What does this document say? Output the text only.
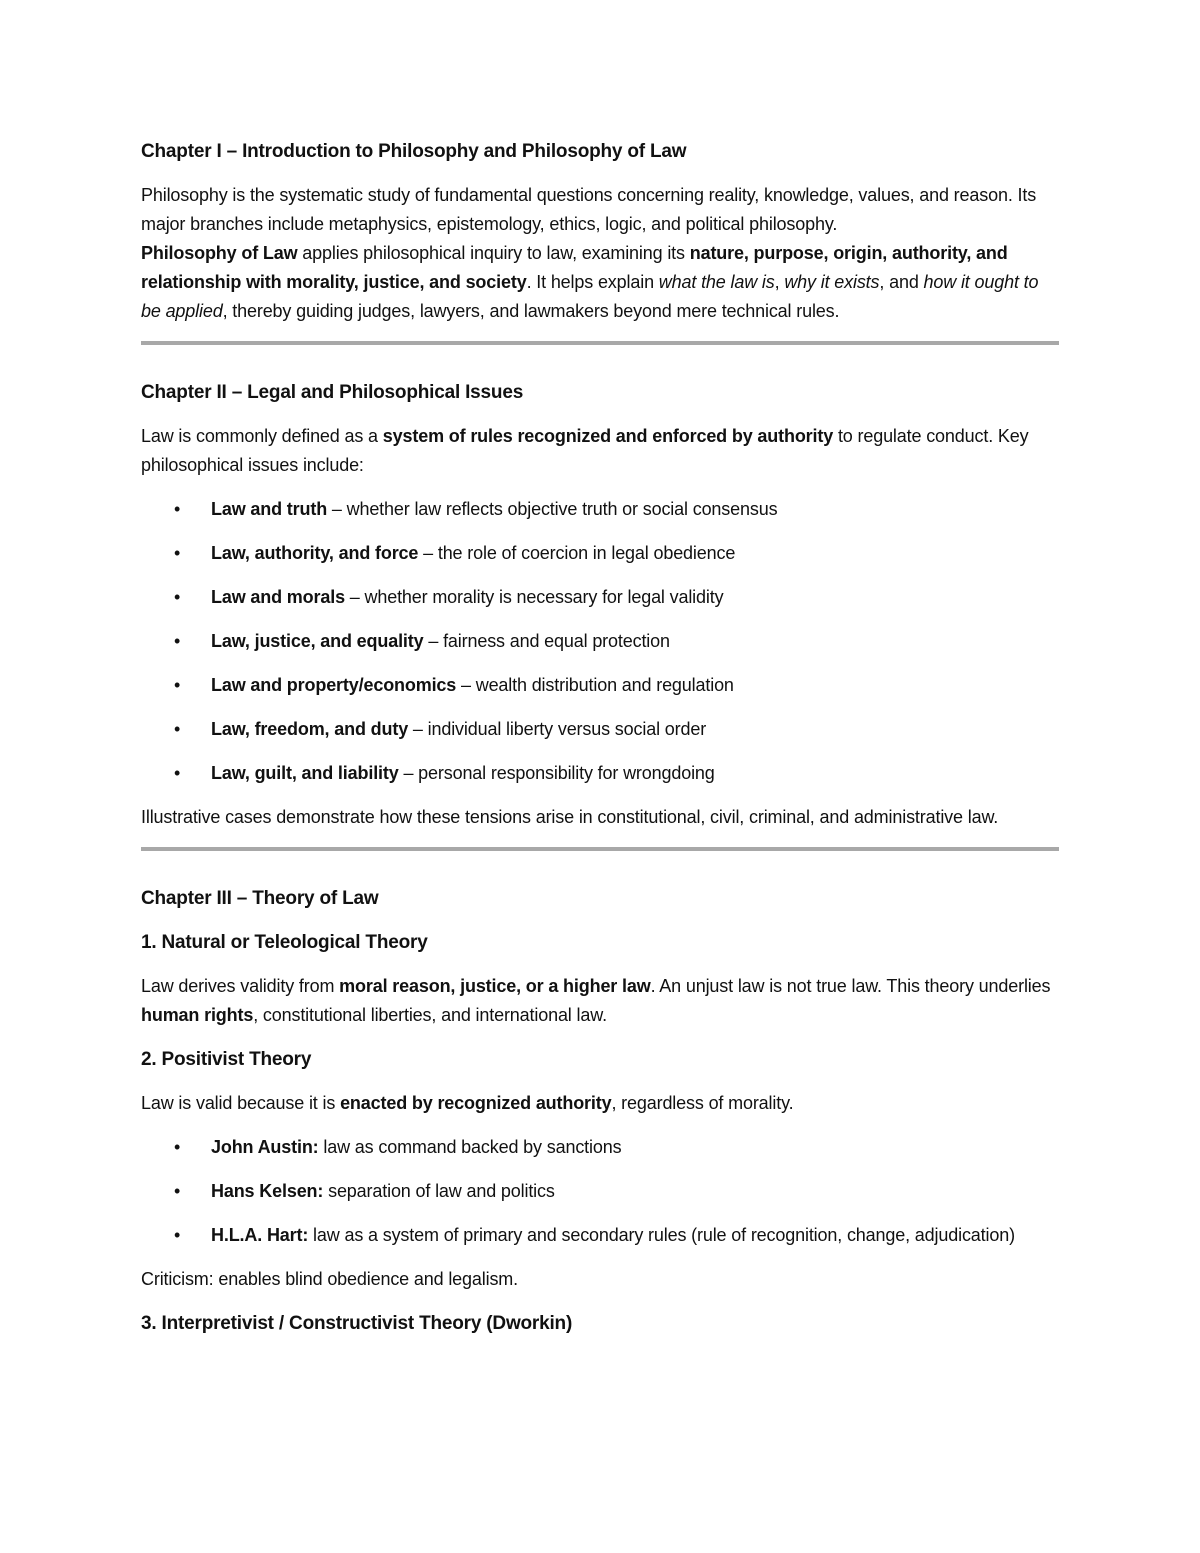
Chapter I – Introduction to Philosophy and Philosophy of Law
Philosophy is the systematic study of fundamental questions concerning reality, knowledge, values, and reason. Its major branches include metaphysics, epistemology, ethics, logic, and political philosophy.
Philosophy of Law applies philosophical inquiry to law, examining its nature, purpose, origin, authority, and relationship with morality, justice, and society. It helps explain what the law is, why it exists, and how it ought to be applied, thereby guiding judges, lawyers, and lawmakers beyond mere technical rules.
Chapter II – Legal and Philosophical Issues
Law is commonly defined as a system of rules recognized and enforced by authority to regulate conduct. Key philosophical issues include:
• Law and truth – whether law reflects objective truth or social consensus
• Law, authority, and force – the role of coercion in legal obedience
• Law and morals – whether morality is necessary for legal validity
• Law, justice, and equality – fairness and equal protection
• Law and property/economics – wealth distribution and regulation
• Law, freedom, and duty – individual liberty versus social order
• Law, guilt, and liability – personal responsibility for wrongdoing
Illustrative cases demonstrate how these tensions arise in constitutional, civil, criminal, and administrative law.
Chapter III – Theory of Law
1. Natural or Teleological Theory
Law derives validity from moral reason, justice, or a higher law. An unjust law is not true law. This theory underlies human rights, constitutional liberties, and international law.
2. Positivist Theory
Law is valid because it is enacted by recognized authority, regardless of morality.
• John Austin: law as command backed by sanctions
• Hans Kelsen: separation of law and politics
• H.L.A. Hart: law as a system of primary and secondary rules (rule of recognition, change, adjudication)
Criticism: enables blind obedience and legalism.
3. Interpretivist / Constructivist Theory (Dworkin)
